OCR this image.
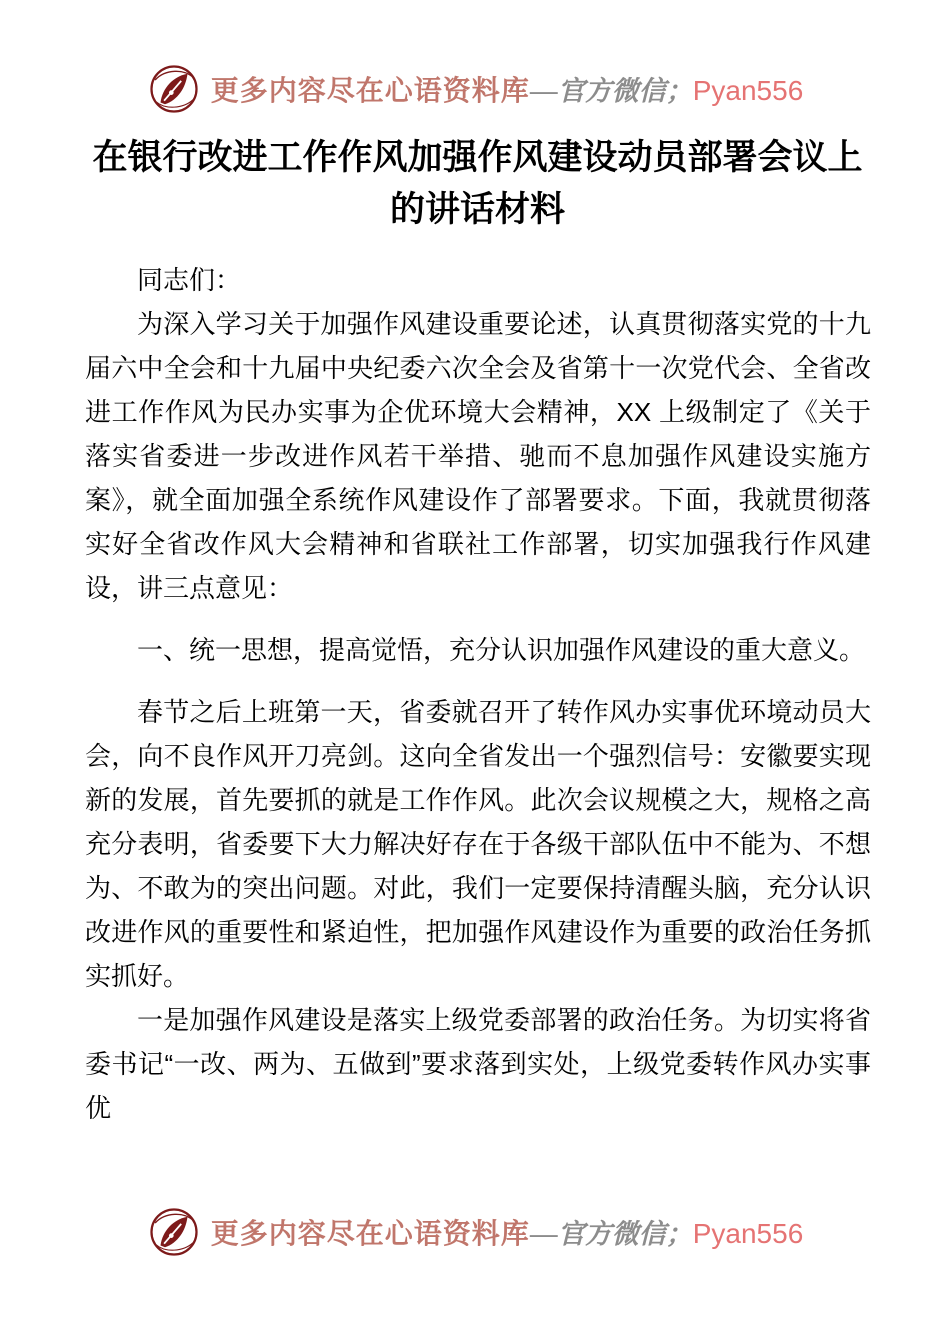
更多内容尽在心语资料库—官方微信；Pyan556
在银行改进工作作风加强作风建设动员部署会议上的讲话材料

同志们：

为深入学习关于加强作风建设重要论述，认真贯彻落实党的十九届六中全会和十九届中央纪委六次全会及省第十一次党代会、全省改进工作作风为民办实事为企优环境大会精神，XX 上级制定了《关于落实省委进一步改进作风若干举措、驰而不息加强作风建设实施方案》，就全面加强全系统作风建设作了部署要求。下面，我就贯彻落实好全省改作风大会精神和省联社工作部署，切实加强我行作风建设，讲三点意见：

一、统一思想，提高觉悟，充分认识加强作风建设的重大意义。

春节之后上班第一天，省委就召开了转作风办实事优环境动员大会，向不良作风开刀亮剑。这向全省发出一个强烈信号：安徽要实现新的发展，首先要抓的就是工作作风。此次会议规模之大，规格之高充分表明，省委要下大力解决好存在于各级干部队伍中不能为、不想为、不敢为的突出问题。对此，我们一定要保持清醒头脑，充分认识改进作风的重要性和紧迫性，把加强作风建设作为重要的政治任务抓实抓好。

一是加强作风建设是落实上级党委部署的政治任务。为切实将省委书记“一改、两为、五做到”要求落到实处，上级党委转作风办实事优

更多内容尽在心语资料库—官方微信；Pyan556
